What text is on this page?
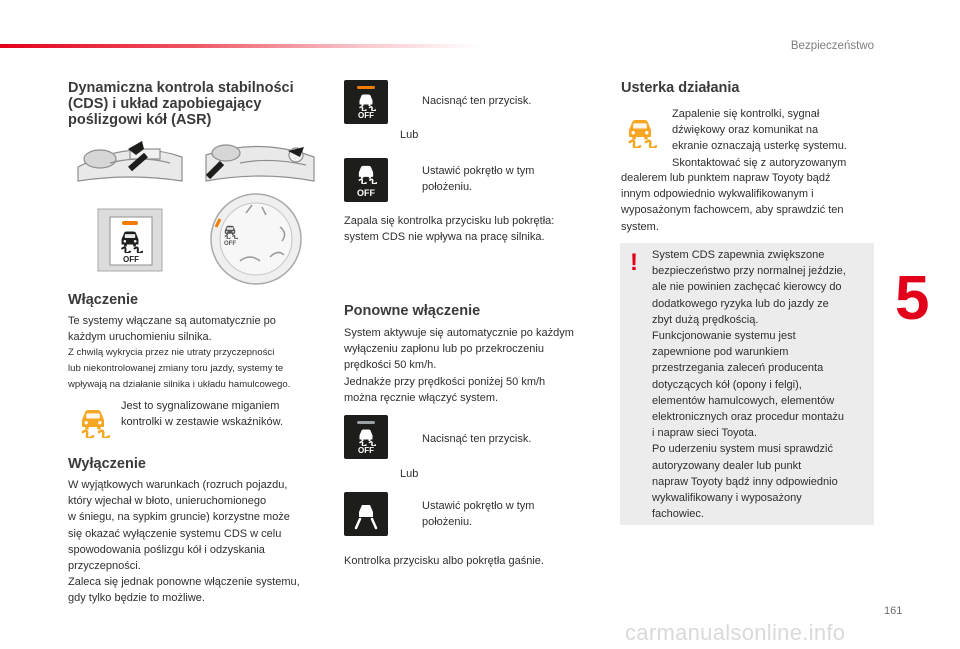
Bezpieczeństwo
5
161
carmanualsonline.info
Dynamiczna kontrola stabilności
(CDS) i układ zapobiegający
poślizgowi kół (ASR)
OFF
OFF
Włączenie
Te systemy włączane są automatycznie po
każdym uruchomieniu silnika.
Z chwilą wykrycia przez nie utraty przyczepności
lub niekontrolowanej zmiany toru jazdy, systemy te
wpływają na działanie silnika i układu hamulcowego.
Jest to sygnalizowane miganiem
kontrolki w zestawie wskaźników.
Wyłączenie
W wyjątkowych warunkach (rozruch pojazdu,
który wjechał w błoto, unieruchomionego
w śniegu, na sypkim gruncie) korzystne może
się okazać wyłączenie systemu CDS w celu
spowodowania poślizgu kół i odzyskania
przyczepności.
Zaleca się jednak ponowne włączenie systemu,
gdy tylko będzie to możliwe.
OFF
Nacisnąć ten przycisk.
Lub
OFF
Ustawić pokrętło w tym
położeniu.
Zapala się kontrolka przycisku lub pokrętła:
system CDS nie wpływa na pracę silnika.
Ponowne włączenie
System aktywuje się automatycznie po każdym
wyłączeniu zapłonu lub po przekroczeniu
prędkości 50 km/h.
Jednakże przy prędkości poniżej 50 km/h
można ręcznie włączyć system.
OFF
Nacisnąć ten przycisk.
Lub
Ustawić pokrętło w tym
położeniu.
Kontrolka przycisku albo pokrętła gaśnie.
Usterka działania
Zapalenie się kontrolki, sygnał
dźwiękowy oraz komunikat na
ekranie oznaczają usterkę systemu.
Skontaktować się z autoryzowanym
dealerem lub punktem napraw Toyoty bądź
innym odpowiednio wykwalifikowanym i
wyposażonym fachowcem, aby sprawdzić ten
system.
! System CDS zapewnia zwiększone
bezpieczeństwo przy normalnej jeździe,
ale nie powinien zachęcać kierowcy do
dodatkowego ryzyka lub do jazdy ze
zbyt dużą prędkością.
Funkcjonowanie systemu jest
zapewnione pod warunkiem
przestrzegania zaleceń producenta
dotyczących kół (opony i felgi),
elementów hamulcowych, elementów
elektronicznych oraz procedur montażu
i napraw sieci Toyota.
Po uderzeniu system musi sprawdzić
autoryzowany dealer lub punkt
napraw Toyoty bądź inny odpowiednio
wykwalifikowany i wyposażony
fachowiec.
